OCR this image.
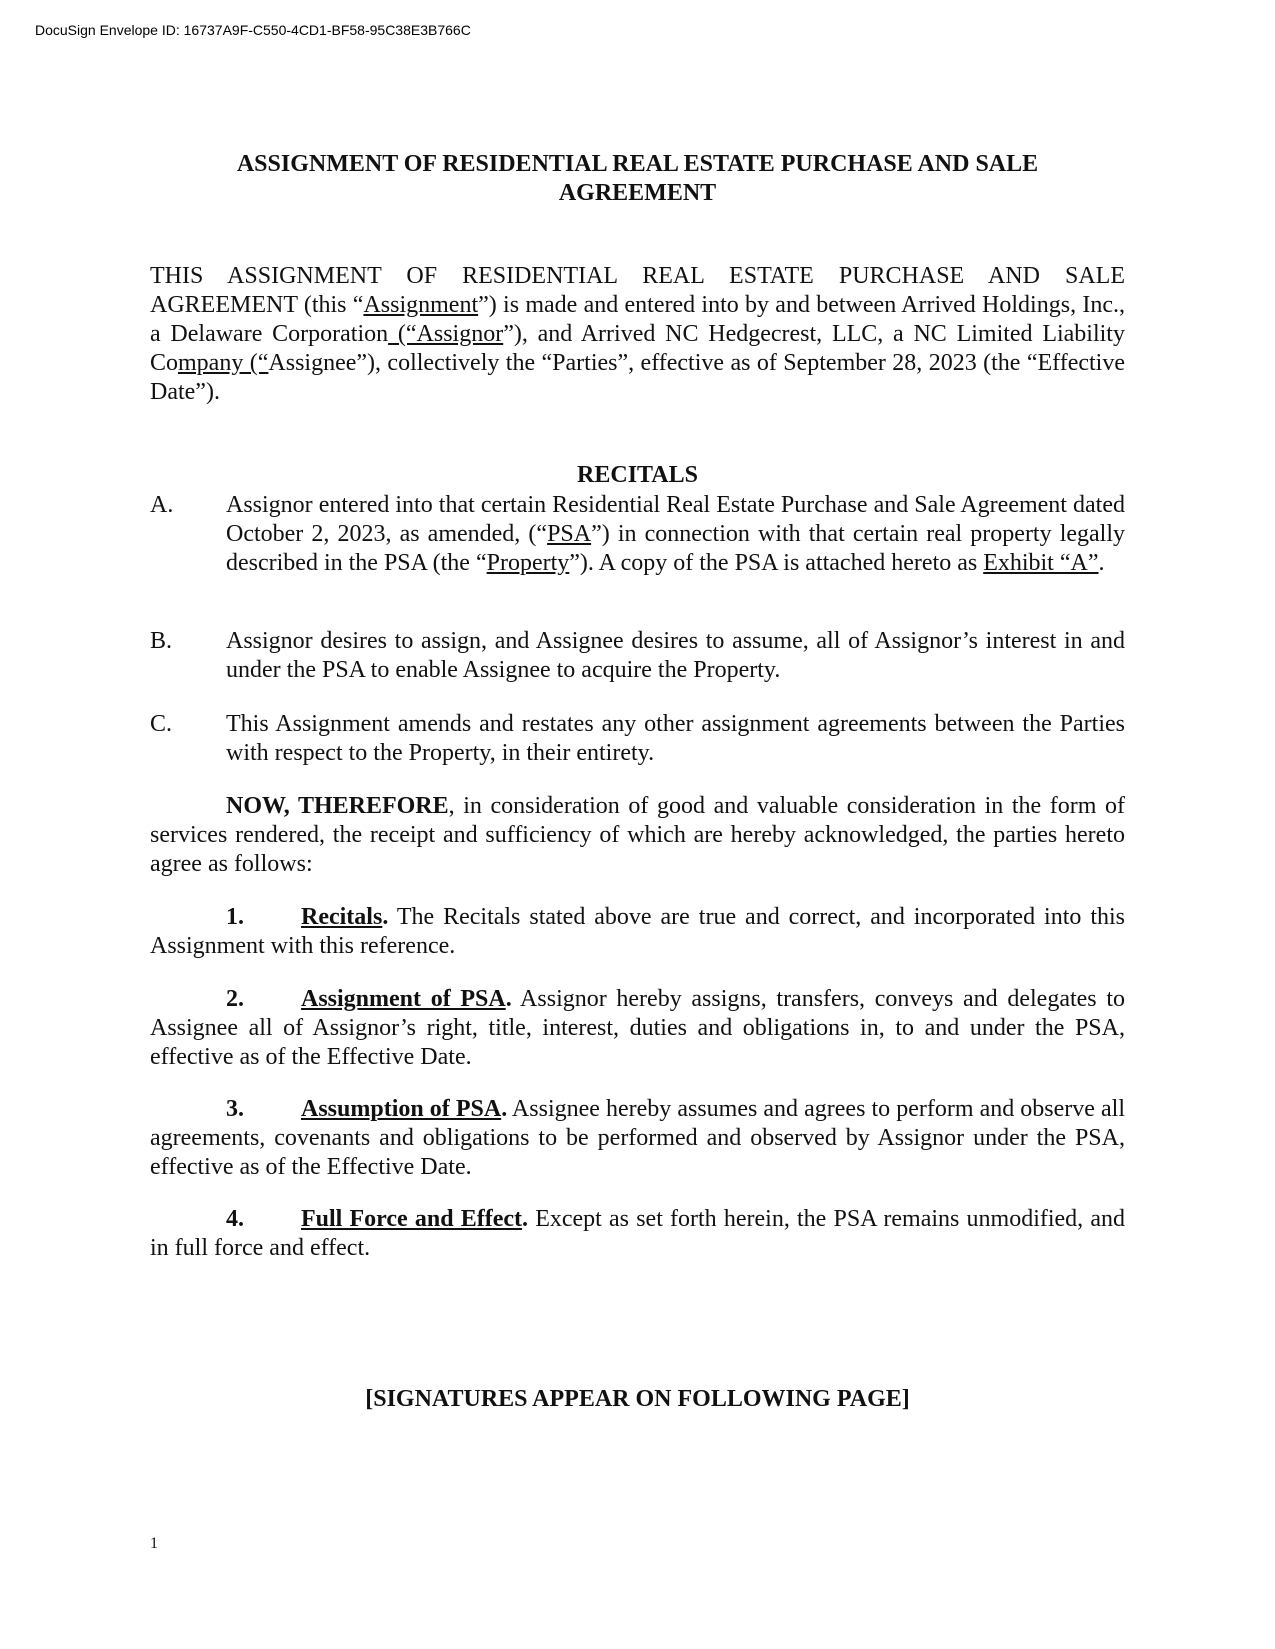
DocuSign Envelope ID: 16737A9F-C550-4CD1-BF58-95C38E3B766C
ASSIGNMENT OF RESIDENTIAL REAL ESTATE PURCHASE AND SALE
AGREEMENT
THIS ASSIGNMENT OF RESIDENTIAL REAL ESTATE PURCHASE AND SALE AGREEMENT (this “Assignment”) is made and entered into by and between Arrived Holdings, Inc., a Delaware Corporation (“Assignor”), and Arrived NC Hedgecrest, LLC, a NC Limited Liability Company (“Assignee”), collectively the “Parties”, effective as of September 28, 2023 (the “Effective Date”).
RECITALS
A. Assignor entered into that certain Residential Real Estate Purchase and Sale Agreement dated October 2, 2023, as amended, (“PSA”) in connection with that certain real property legally described in the PSA (the “Property”). A copy of the PSA is attached hereto as Exhibit “A”.
B. Assignor desires to assign, and Assignee desires to assume, all of Assignor’s interest in and under the PSA to enable Assignee to acquire the Property.
C. This Assignment amends and restates any other assignment agreements between the Parties with respect to the Property, in their entirety.
NOW, THEREFORE, in consideration of good and valuable consideration in the form of services rendered, the receipt and sufficiency of which are hereby acknowledged, the parties hereto agree as follows:
1. Recitals. The Recitals stated above are true and correct, and incorporated into this Assignment with this reference.
2. Assignment of PSA. Assignor hereby assigns, transfers, conveys and delegates to Assignee all of Assignor’s right, title, interest, duties and obligations in, to and under the PSA, effective as of the Effective Date.
3. Assumption of PSA. Assignee hereby assumes and agrees to perform and observe all agreements, covenants and obligations to be performed and observed by Assignor under the PSA, effective as of the Effective Date.
4. Full Force and Effect. Except as set forth herein, the PSA remains unmodified, and in full force and effect.
[SIGNATURES APPEAR ON FOLLOWING PAGE]
1
